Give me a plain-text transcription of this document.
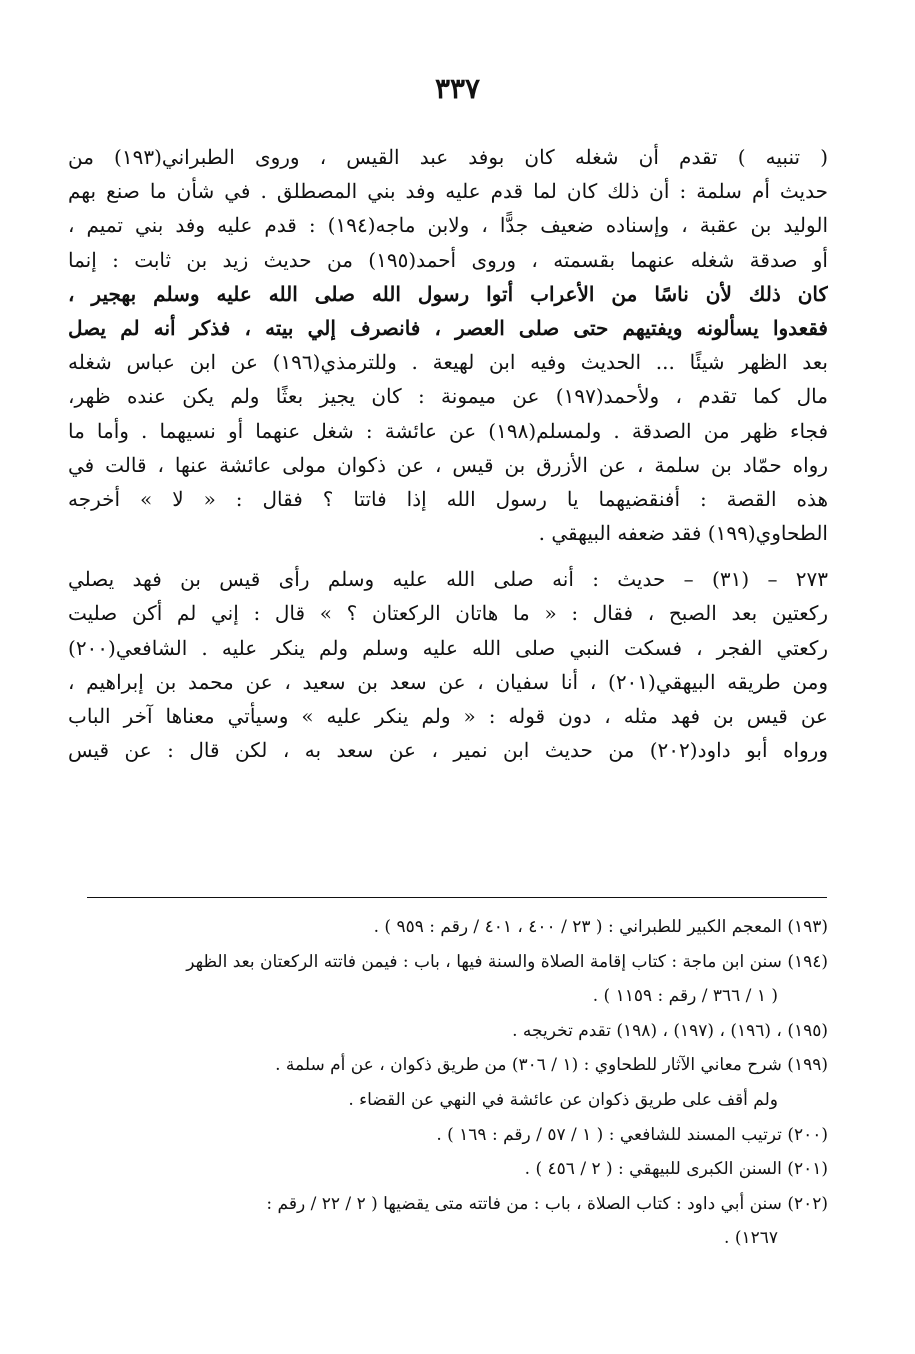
٣٣٧
( تنبيه ) تقدم أن شغله كان بوفد عبد القيس ، وروى الطبراني(١٩٣) من
حديث أم سلمة : أن ذلك كان لما قدم عليه وفد بني المصطلق . في شأن ما صنع بهم
الوليد بن عقبة ، وإسناده ضعيف جدًّا ، ولابن ماجه(١٩٤) : قدم عليه وفد بني تميم ،
أو صدقة شغله عنهما بقسمته ، وروى أحمد(١٩٥) من حديث زيد بن ثابت : إنما
كان ذلك لأن ناسًا من الأعراب أتوا رسول الله صلى الله عليه وسلم بهجير ،
فقعدوا يسألونه ويفتيهم حتى صلى العصر ، فانصرف إلي بيته ، فذكر أنه لم يصل
بعد الظهر شيئًا ... الحديث وفيه ابن لهيعة . وللترمذي(١٩٦) عن ابن عباس شغله
مال كما تقدم ، ولأحمد(١٩٧) عن ميمونة : كان يجيز بعثًا ولم يكن عنده ظهر،
فجاء ظهر من الصدقة . ولمسلم(١٩٨) عن عائشة : شغل عنهما أو نسيهما . وأما ما
رواه حمّاد بن سلمة ، عن الأزرق بن قيس ، عن ذكوان مولى عائشة عنها ، قالت في
هذه القصة : أفنقضيهما يا رسول الله إذا فاتتا ؟ فقال : « لا » أخرجه
الطحاوي(١٩٩) فقد ضعفه البيهقي .
٢٧٣ – (٣١) – حديث : أنه صلى الله عليه وسلم رأى قيس بن فهد يصلي
ركعتين بعد الصبح ، فقال : « ما هاتان الركعتان ؟ » قال : إني لم أكن صليت
ركعتي الفجر ، فسكت النبي صلى الله عليه وسلم ولم ينكر عليه . الشافعي(٢٠٠)
ومن طريقه البيهقي(٢٠١) ، أنا سفيان ، عن سعد بن سعيد ، عن محمد بن إبراهيم ،
عن قيس بن فهد مثله ، دون قوله : « ولم ينكر عليه » وسيأتي معناها آخر الباب
ورواه أبو داود(٢٠٢) من حديث ابن نمير ، عن سعد به ، لكن قال : عن قيس
(١٩٣) المعجم الكبير للطبراني : ( ٢٣ / ٤٠٠ ، ٤٠١ / رقم : ٩٥٩ ) .
(١٩٤) سنن ابن ماجة : كتاب إقامة الصلاة والسنة فيها ، باب : فيمن فاتته الركعتان بعد الظهر
( ١ / ٣٦٦ / رقم : ١١٥٩ ) .
(١٩٥) ، (١٩٦) ، (١٩٧) ، (١٩٨) تقدم تخريجه .
(١٩٩) شرح معاني الآثار للطحاوي : (١ / ٣٠٦) من طريق ذكوان ، عن أم سلمة .
ولم أقف على طريق ذكوان عن عائشة في النهي عن القضاء .
(٢٠٠) ترتيب المسند للشافعي : ( ١ / ٥٧ / رقم : ١٦٩ ) .
(٢٠١) السنن الكبرى للبيهقي : ( ٢ / ٤٥٦ ) .
(٢٠٢) سنن أبي داود : كتاب الصلاة ، باب : من فاتته متى يقضيها ( ٢ / ٢٢ / رقم :
١٢٦٧) .
